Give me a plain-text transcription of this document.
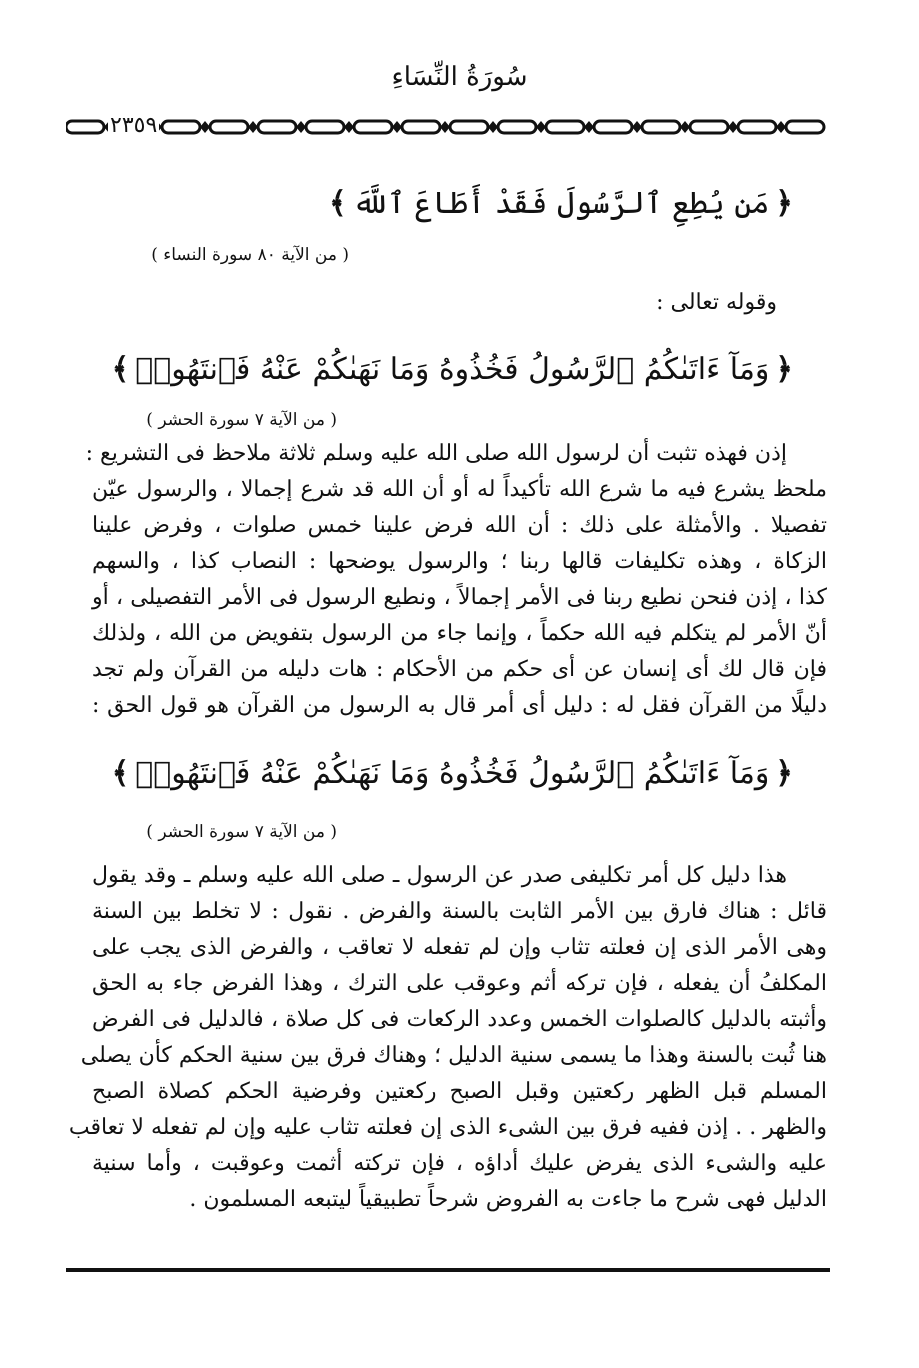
سُورَةُ النِّسَاءِ
٢٣٥٩
﴿مَن يُطِعِ ٱلرَّسُولَ فَقَدْ أَطَاعَ ٱللَّهَ﴾
( من الآية ٨٠ سورة النساء )
وقوله تعالى :
﴿وَمَآ ءَاتَىٰكُمُ ٱلرَّسُولُ فَخُذُوهُ وَمَا نَهَىٰكُمْ عَنْهُ فَٱنتَهُوا۟﴾
( من الآية ٧ سورة الحشر )
إذن فهذه تثبت أن لرسول الله صلى الله عليه وسلم ثلاثة ملاحظ فى التشريع :
ملحظ يشرع فيه ما شرع الله تأكيداً له أو أن الله قد شرع إجمالا ، والرسول عيّن
تفصيلا . والأمثلة على ذلك : أن الله فرض علينا خمس صلوات ، وفرض علينا
الزكاة ، وهذه تكليفات قالها ربنا ؛ والرسول يوضحها : النصاب كذا ، والسهم
كذا ، إذن فنحن نطيع ربنا فى الأمر إجمالاً ، ونطيع الرسول فى الأمر التفصيلى ، أو
أنّ الأمر لم يتكلم فيه الله حكماً ، وإنما جاء من الرسول بتفويض من الله ، ولذلك
فإن قال لك أى إنسان عن أى حكم من الأحكام : هات دليله من القرآن ولم تجد
دليلًا من القرآن فقل له : دليل أى أمر قال به الرسول من القرآن هو قول الحق :
﴿وَمَآ ءَاتَىٰكُمُ ٱلرَّسُولُ فَخُذُوهُ وَمَا نَهَىٰكُمْ عَنْهُ فَٱنتَهُوا۟﴾
( من الآية ٧ سورة الحشر )
هذا دليل كل أمر تكليفى صدر عن الرسول ـ صلى الله عليه وسلم ـ وقد يقول
قائل : هناك فارق بين الأمر الثابت بالسنة والفرض . نقول : لا تخلط بين السنة
وهى الأمر الذى إن فعلته تثاب وإن لم تفعله لا تعاقب ، والفرض الذى يجب على
المكلفُ أن يفعله ، فإن تركه أثم وعوقب على الترك ، وهذا الفرض جاء به الحق
وأثبته بالدليل كالصلوات الخمس وعدد الركعات فى كل صلاة ، فالدليل فى الفرض
هنا ثُبت بالسنة وهذا ما يسمى سنية الدليل ؛ وهناك فرق بين سنية الحكم كأن يصلى
المسلم قبل الظهر ركعتين وقبل الصبح ركعتين وفرضية الحكم كصلاة الصبح
والظهر . . إذن ففيه فرق بين الشىء الذى إن فعلته تثاب عليه وإن لم تفعله لا تعاقب
عليه والشىء الذى يفرض عليك أداؤه ، فإن تركته أثمت وعوقبت ، وأما سنية
الدليل فهى شرح ما جاءت به الفروض شرحاً تطبيقياً ليتبعه المسلمون .
